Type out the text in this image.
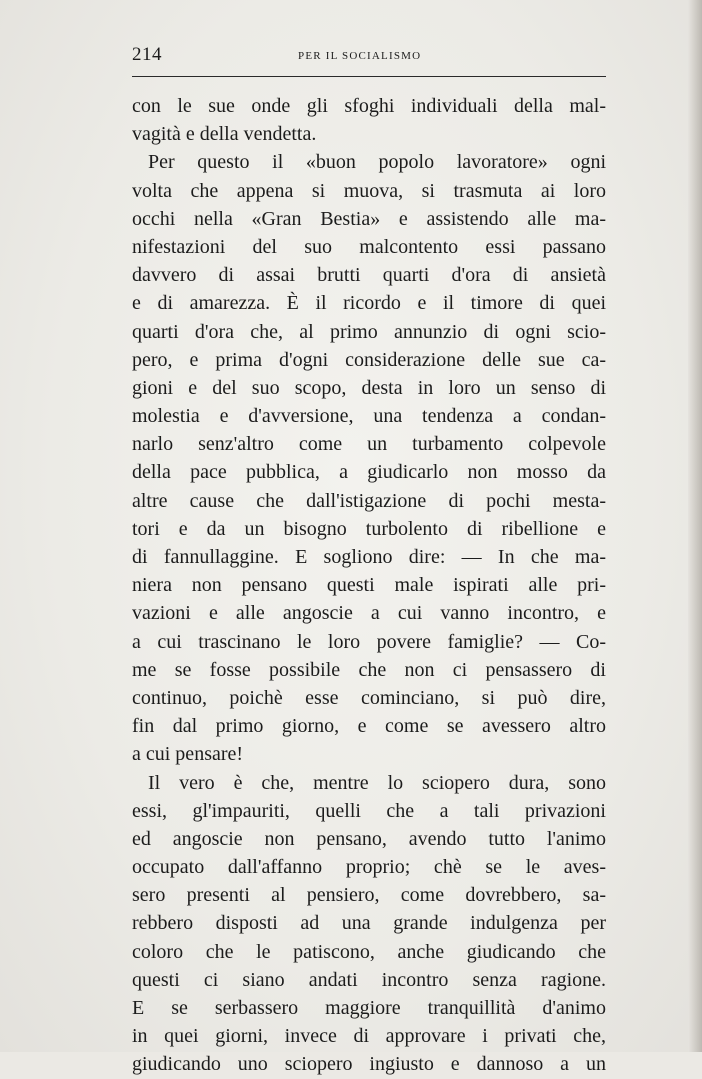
214	PER IL SOCIALISMO
con le sue onde gli sfoghi individuali della mal-
vagità e della vendetta.
Per questo il «buon popolo lavoratore» ogni
volta che appena si muova, si trasmuta ai loro
occhi nella «Gran Bestia» e assistendo alle ma-
nifestazioni del suo malcontento essi passano
davvero di assai brutti quarti d'ora di ansietà
e di amarezza. È il ricordo e il timore di quei
quarti d'ora che, al primo annunzio di ogni scio-
pero, e prima d'ogni considerazione delle sue ca-
gioni e del suo scopo, desta in loro un senso di
molestia e d'avversione, una tendenza a condan-
narlo senz'altro come un turbamento colpevole
della pace pubblica, a giudicarlo non mosso da
altre cause che dall'istigazione di pochi mesta-
tori e da un bisogno turbolento di ribellione e
di fannullaggine. E sogliono dire: — In che ma-
niera non pensano questi male ispirati alle pri-
vazioni e alle angoscie a cui vanno incontro, e
a cui trascinano le loro povere famiglie? — Co-
me se fosse possibile che non ci pensassero di
continuo, poichè esse cominciano, si può dire,
fin dal primo giorno, e come se avessero altro
a cui pensare!
Il vero è che, mentre lo sciopero dura, sono
essi, gl'impauriti, quelli che a tali privazioni
ed angoscie non pensano, avendo tutto l'animo
occupato dall'affanno proprio; chè se le aves-
sero presenti al pensiero, come dovrebbero, sa-
rebbero disposti ad una grande indulgenza per
coloro che le patiscono, anche giudicando che
questi ci siano andati incontro senza ragione.
E se serbassero maggiore tranquillità d'animo
in quei giorni, invece di approvare i privati che,
giudicando uno sciopero ingiusto e dannoso a un
